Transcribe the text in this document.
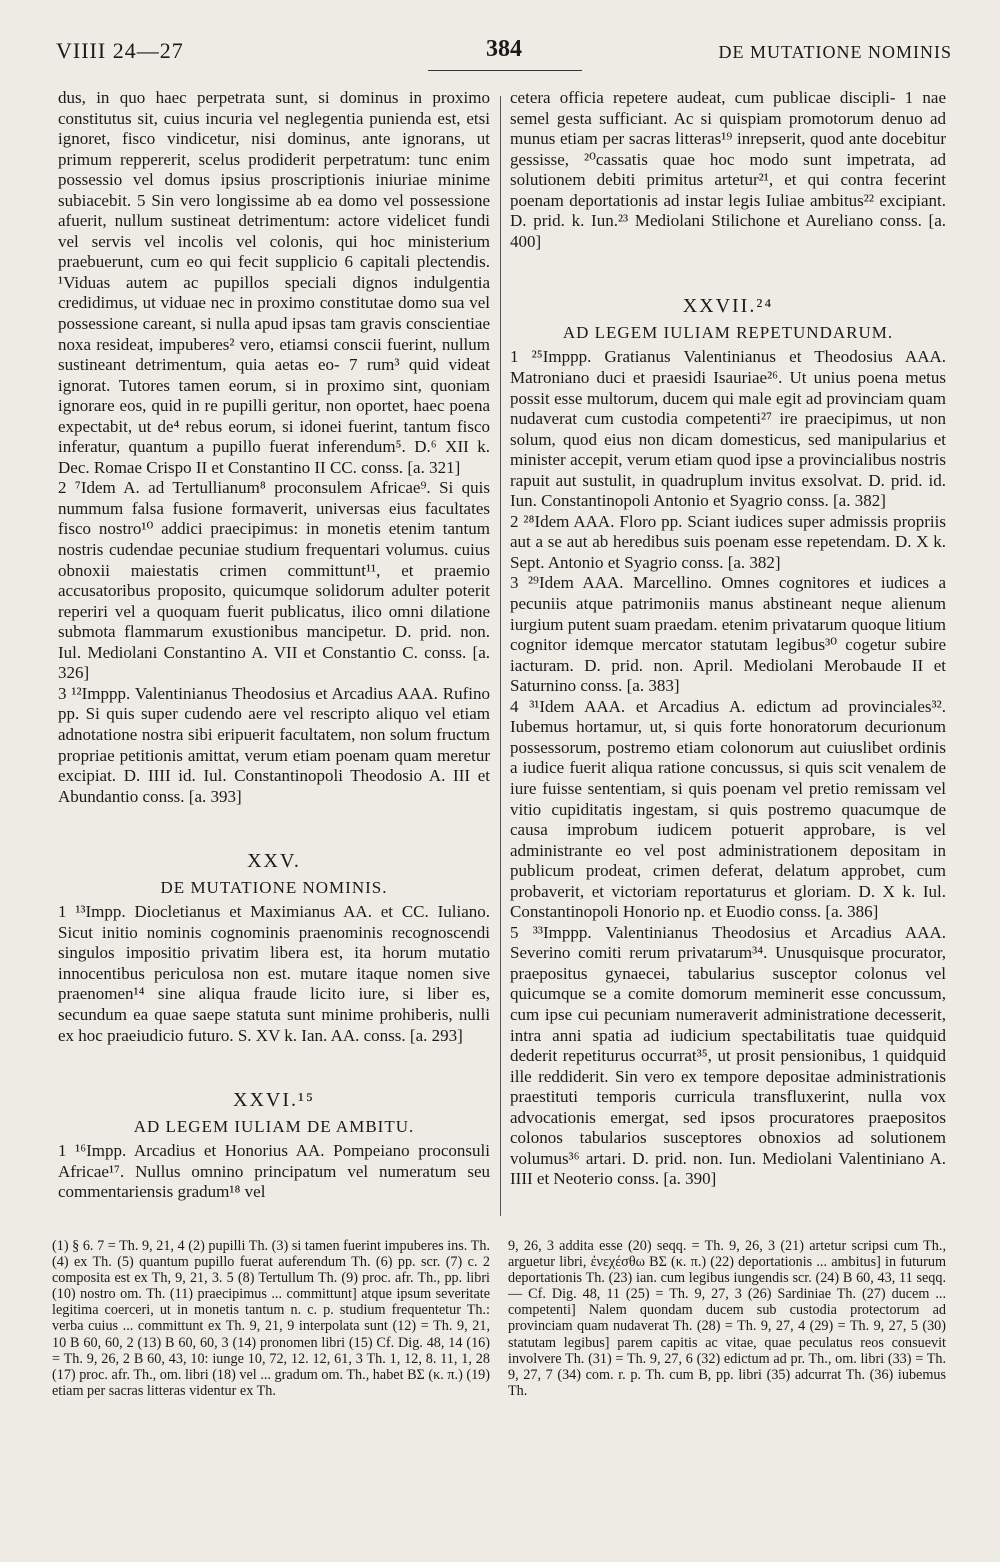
VIIII 24—27	384	DE MUTATIONE NOMINIS

dus, in quo haec perpetrata sunt, si dominus in proximo constitutus sit, cuius incuria vel neglegentia punienda est, etsi ignoret, fisco vindicetur, nisi dominus, ante ignorans, ut primum reppererit, scelus prodiderit perpetratum: tunc enim possessio vel domus ipsius proscriptionis iniuriae minime subiacebit. 5 Sin vero longissime ab ea domo vel possessione afuerit, nullum sustineat detrimentum: actore videlicet fundi vel servis vel incolis vel colonis, qui hoc ministerium praebuerunt, cum eo qui fecit supplicio 6 capitali plectendis. ¹Viduas autem ac pupillos speciali dignos indulgentia credidimus, ut viduae nec in proximo constitutae domo sua vel possessione careant, si nulla apud ipsas tam gravis conscientiae noxa resideat, impuberes² vero, etiamsi conscii fuerint, nullum sustineant detrimentum, quia aetas eo- 7 rum³ quid videat ignorat. Tutores tamen eorum, si in proximo sint, quoniam ignorare eos, quid in re pupilli geritur, non oportet, haec poena expectabit, ut de⁴ rebus eorum, si idonei fuerint, tantum fisco inferatur, quantum a pupillo fuerat inferendum⁵. D.⁶ XII k. Dec. Romae Crispo II et Constantino II CC. conss. [a. 321]

2 ⁷Idem A. ad Tertullianum⁸ proconsulem Africae⁹. Si quis nummum falsa fusione formaverit, universas eius facultates fisco nostro¹⁰ addici praecipimus: in monetis etenim tantum nostris cudendae pecuniae studium frequentari volumus. cuius obnoxii maiestatis crimen committunt¹¹, et praemio accusatoribus proposito, quicumque solidorum adulter poterit reperiri vel a quoquam fuerit publicatus, ilico omni dilatione submota flammarum exustionibus mancipetur. D. prid. non. Iul. Mediolani Constantino A. VII et Constantio C. conss. [a. 326]

3 ¹²Imppp. Valentinianus Theodosius et Arcadius AAA. Rufino pp. Si quis super cudendo aere vel rescripto aliquo vel etiam adnotatione nostra sibi eripuerit facultatem, non solum fructum propriae petitionis amittat, verum etiam poenam quam meretur excipiat. D. IIII id. Iul. Constantinopoli Theodosio A. III et Abundantio conss. [a. 393]

XXV.
DE MUTATIONE NOMINIS.

1 ¹³Impp. Diocletianus et Maximianus AA. et CC. Iuliano. Sicut initio nominis cognominis praenominis recognoscendi singulos impositio privatim libera est, ita horum mutatio innocentibus periculosa non est. mutare itaque nomen sive praenomen¹⁴ sine aliqua fraude licito iure, si liber es, secundum ea quae saepe statuta sunt minime prohiberis, nulli ex hoc praeiudicio futuro. S. XV k. Ian. AA. conss. [a. 293]

XXVI.¹⁵
AD LEGEM IULIAM DE AMBITU.

1 ¹⁶Impp. Arcadius et Honorius AA. Pompeiano proconsuli Africae¹⁷. Nullus omnino principatum vel numeratum seu commentariensis gradum¹⁸ vel

cetera officia repetere audeat, cum publicae discipli- 1 nae semel gesta sufficiant. Ac si quispiam promotorum denuo ad munus etiam per sacras litteras¹⁹ inrepserit, quod ante docebitur gessisse, ²⁰cassatis quae hoc modo sunt impetrata, ad solutionem debiti primitus artetur²¹, et qui contra fecerint poenam deportationis ad instar legis Iuliae ambitus²² excipiant. D. prid. k. Iun.²³ Mediolani Stilichone et Aureliano conss. [a. 400]

XXVII.²⁴
AD LEGEM IULIAM REPETUNDARUM.

1 ²⁵Imppp. Gratianus Valentinianus et Theodosius AAA. Matroniano duci et praesidi Isauriae²⁶. Ut unius poena metus possit esse multorum, ducem qui male egit ad provinciam quam nudaverat cum custodia competenti²⁷ ire praecipimus, ut non solum, quod eius non dicam domesticus, sed manipularius et minister accepit, verum etiam quod ipse a provincialibus nostris rapuit aut sustulit, in quadruplum invitus exsolvat. D. prid. id. Iun. Constantinopoli Antonio et Syagrio conss. [a. 382]

2 ²⁸Idem AAA. Floro pp. Sciant iudices super admissis propriis aut a se aut ab heredibus suis poenam esse repetendam. D. X k. Sept. Antonio et Syagrio conss. [a. 382]

3 ²⁹Idem AAA. Marcellino. Omnes cognitores et iudices a pecuniis atque patrimoniis manus abstineant neque alienum iurgium putent suam praedam. etenim privatarum quoque litium cognitor idemque mercator statutam legibus³⁰ cogetur subire iacturam. D. prid. non. April. Mediolani Merobaude II et Saturnino conss. [a. 383]

4 ³¹Idem AAA. et Arcadius A. edictum ad provinciales³². Iubemus hortamur, ut, si quis forte honoratorum decurionum possessorum, postremo etiam colonorum aut cuiuslibet ordinis a iudice fuerit aliqua ratione concussus, si quis scit venalem de iure fuisse sententiam, si quis poenam vel pretio remissam vel vitio cupiditatis ingestam, si quis postremo quacumque de causa improbum iudicem potuerit approbare, is vel administrante eo vel post administrationem depositam in publicum prodeat, crimen deferat, delatum approbet, cum probaverit, et victoriam reportaturus et gloriam. D. X k. Iul. Constantinopoli Honorio np. et Euodio conss. [a. 386]

5 ³³Imppp. Valentinianus Theodosius et Arcadius AAA. Severino comiti rerum privatarum³⁴. Unusquisque procurator, praepositus gynaecei, tabularius susceptor colonus vel quicumque se a comite domorum meminerit esse concussum, cum ipse cui pecuniam numeraverit administratione decesserit, intra anni spatia ad iudicium spectabilitatis tuae quidquid dederit repetiturus occurrat³⁵, ut prosit pensionibus, 1 quidquid ille reddiderit. Sin vero ex tempore depositae administrationis praestituti temporis curricula transfluxerint, nulla vox advocationis emergat, sed ipsos procuratores praepositos colonos tabularios susceptores obnoxios ad solutionem volumus³⁶ artari. D. prid. non. Iun. Mediolani Valentiniano A. IIII et Neoterio conss. [a. 390]

(1) § 6. 7 = Th. 9, 21, 4 (2) pupilli Th. (3) si tamen fuerint impuberes ins. Th. (4) ex Th. (5) quantum pupillo fuerat auferendum Th. (6) pp. scr. (7) c. 2 composita est ex Th, 9, 21, 3. 5 (8) Tertullum Th. (9) proc. afr. Th., pp. libri (10) nostro om. Th. (11) praecipimus ... committunt] atque ipsum severitate legitima coerceri, ut in monetis tantum n. c. p. studium frequentetur Th.: verba cuius ... committunt ex Th. 9, 21, 9 interpolata sunt (12) = Th. 9, 21, 10 B 60, 60, 2 (13) B 60, 60, 3 (14) pronomen libri (15) Cf. Dig. 48, 14 (16) = Th. 9, 26, 2 B 60, 43, 10: iunge 10, 72, 12. 12, 61, 3 Th. 1, 12, 8. 11, 1, 28 (17) proc. afr. Th., om. libri (18) vel ... gradum om. Th., habet BΣ (κ. π.) (19) etiam per sacras litteras videntur ex Th.

9, 26, 3 addita esse (20) seqq. = Th. 9, 26, 3 (21) artetur scripsi cum Th., arguetur libri, ἐνεχέσθω BΣ (κ. π.) (22) deportationis ... ambitus] in futurum deportationis Th. (23) ian. cum legibus iungendis scr. (24) B 60, 43, 11 seqq. — Cf. Dig. 48, 11 (25) = Th. 9, 27, 3 (26) Sardiniae Th. (27) ducem ... competenti] Nalem quondam ducem sub custodia protectorum ad provinciam quam nudaverat Th. (28) = Th. 9, 27, 4 (29) = Th. 9, 27, 5 (30) statutam legibus] parem capitis ac vitae, quae peculatus reos consuevit involvere Th. (31) = Th. 9, 27, 6 (32) edictum ad pr. Th., om. libri (33) = Th. 9, 27, 7 (34) com. r. p. Th. cum B, pp. libri (35) adcurrat Th. (36) iubemus Th.
